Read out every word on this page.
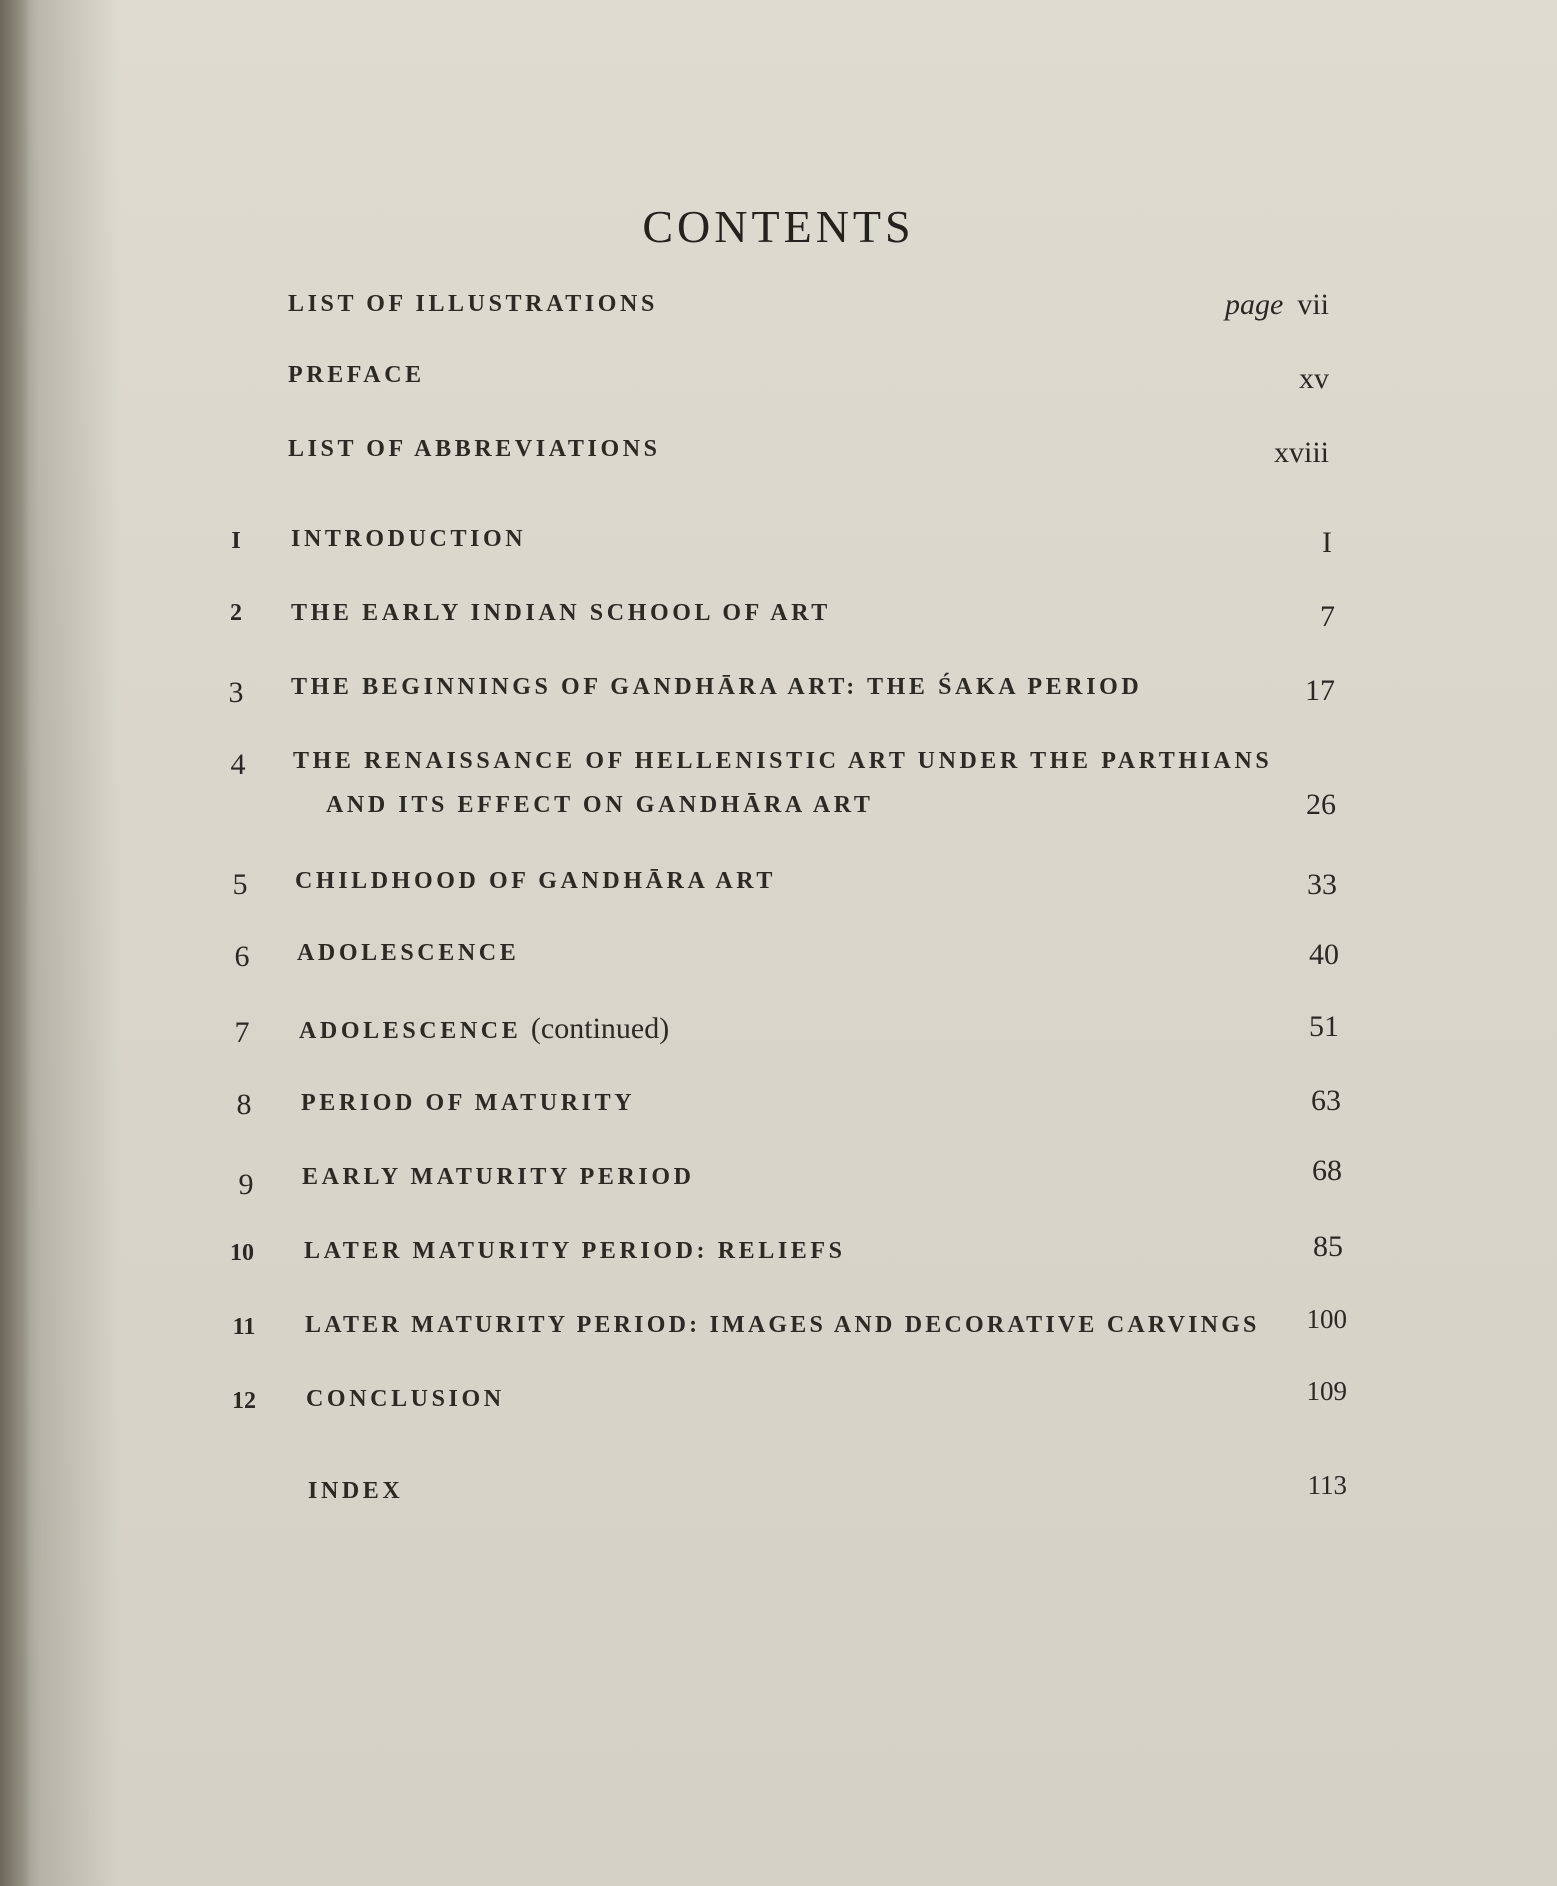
CONTENTS
LIST OF ILLUSTRATIONS	page vii
PREFACE	xv
LIST OF ABBREVIATIONS	xviii
I	INTRODUCTION	I
2	THE EARLY INDIAN SCHOOL OF ART	7
3	THE BEGINNINGS OF GANDHĀRA ART: THE ŚAKA PERIOD	17
4	THE RENAISSANCE OF HELLENISTIC ART UNDER THE PARTHIANS
AND ITS EFFECT ON GANDHĀRA ART	26
5	CHILDHOOD OF GANDHĀRA ART	33
6	ADOLESCENCE	40
7	ADOLESCENCE (continued)	51
8	PERIOD OF MATURITY	63
9	EARLY MATURITY PERIOD	68
10	LATER MATURITY PERIOD: RELIEFS	85
11	LATER MATURITY PERIOD: IMAGES AND DECORATIVE CARVINGS 100
12	CONCLUSION	109
INDEX	113
